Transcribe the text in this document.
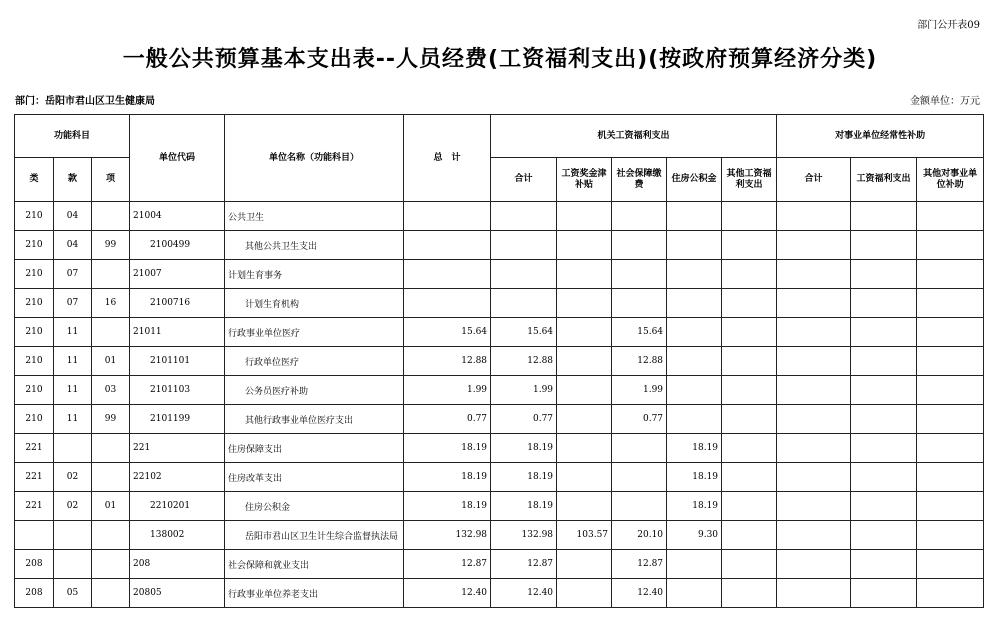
部门公开表09
一般公共预算基本支出表--人员经费(工资福利支出)(按政府预算经济分类)
部门：岳阳市君山区卫生健康局	金额单位：万元
功能科目			单位代码	单位名称（功能科目）	总　计	机关工资福利支出					对事业单位经常性补助		
类	款	项				合计	工资奖金津补贴	社会保障缴费	住房公积金	其他工资福利支出	合计	工资福利支出	其他对事业单位补助
210	04		21004	公共卫生									
210	04	99	2100499	其他公共卫生支出									
210	07		21007	计划生育事务									
210	07	16	2100716	计划生育机构									
210	11		21011	行政事业单位医疗	15.64	15.64		15.64					
210	11	01	2101101	行政单位医疗	12.88	12.88		12.88					
210	11	03	2101103	公务员医疗补助	1.99	1.99		1.99					
210	11	99	2101199	其他行政事业单位医疗支出	0.77	0.77		0.77					
221			221	住房保障支出	18.19	18.19			18.19				
221	02		22102	住房改革支出	18.19	18.19			18.19				
221	02	01	2210201	住房公积金	18.19	18.19			18.19				
			138002	岳阳市君山区卫生计生综合监督执法局	132.98	132.98	103.57	20.10	9.30				
208			208	社会保障和就业支出	12.87	12.87		12.87					
208	05		20805	行政事业单位养老支出	12.40	12.40		12.40					
